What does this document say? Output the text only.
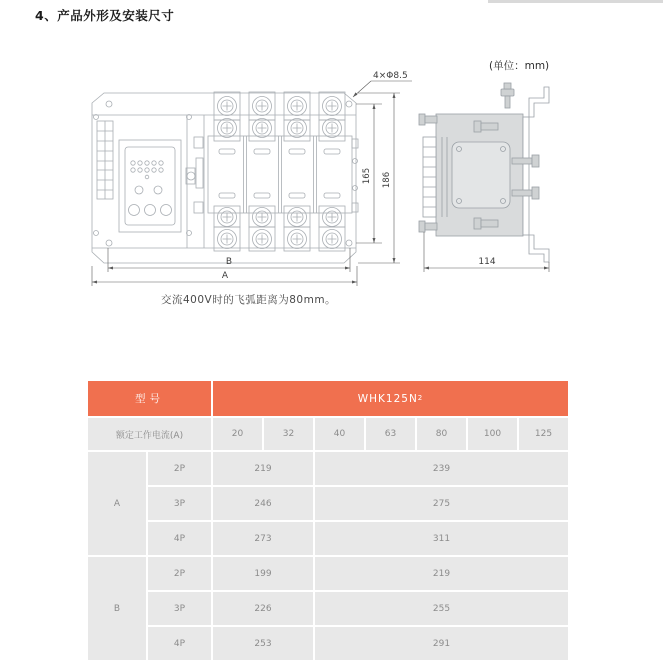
4、产品外形及安装尺寸
165 186
B
A
114
4×Φ8.5
(单位：mm)
交流400V时的飞弧距离为80mm。
型号	WHK125N 2
额定工作电流(A)	20	32	40	63	80	100	125
A
2P	219	239
3P	246	275
4P	273	311
B
2P	199	219
3P	226	255
4P	253	291
